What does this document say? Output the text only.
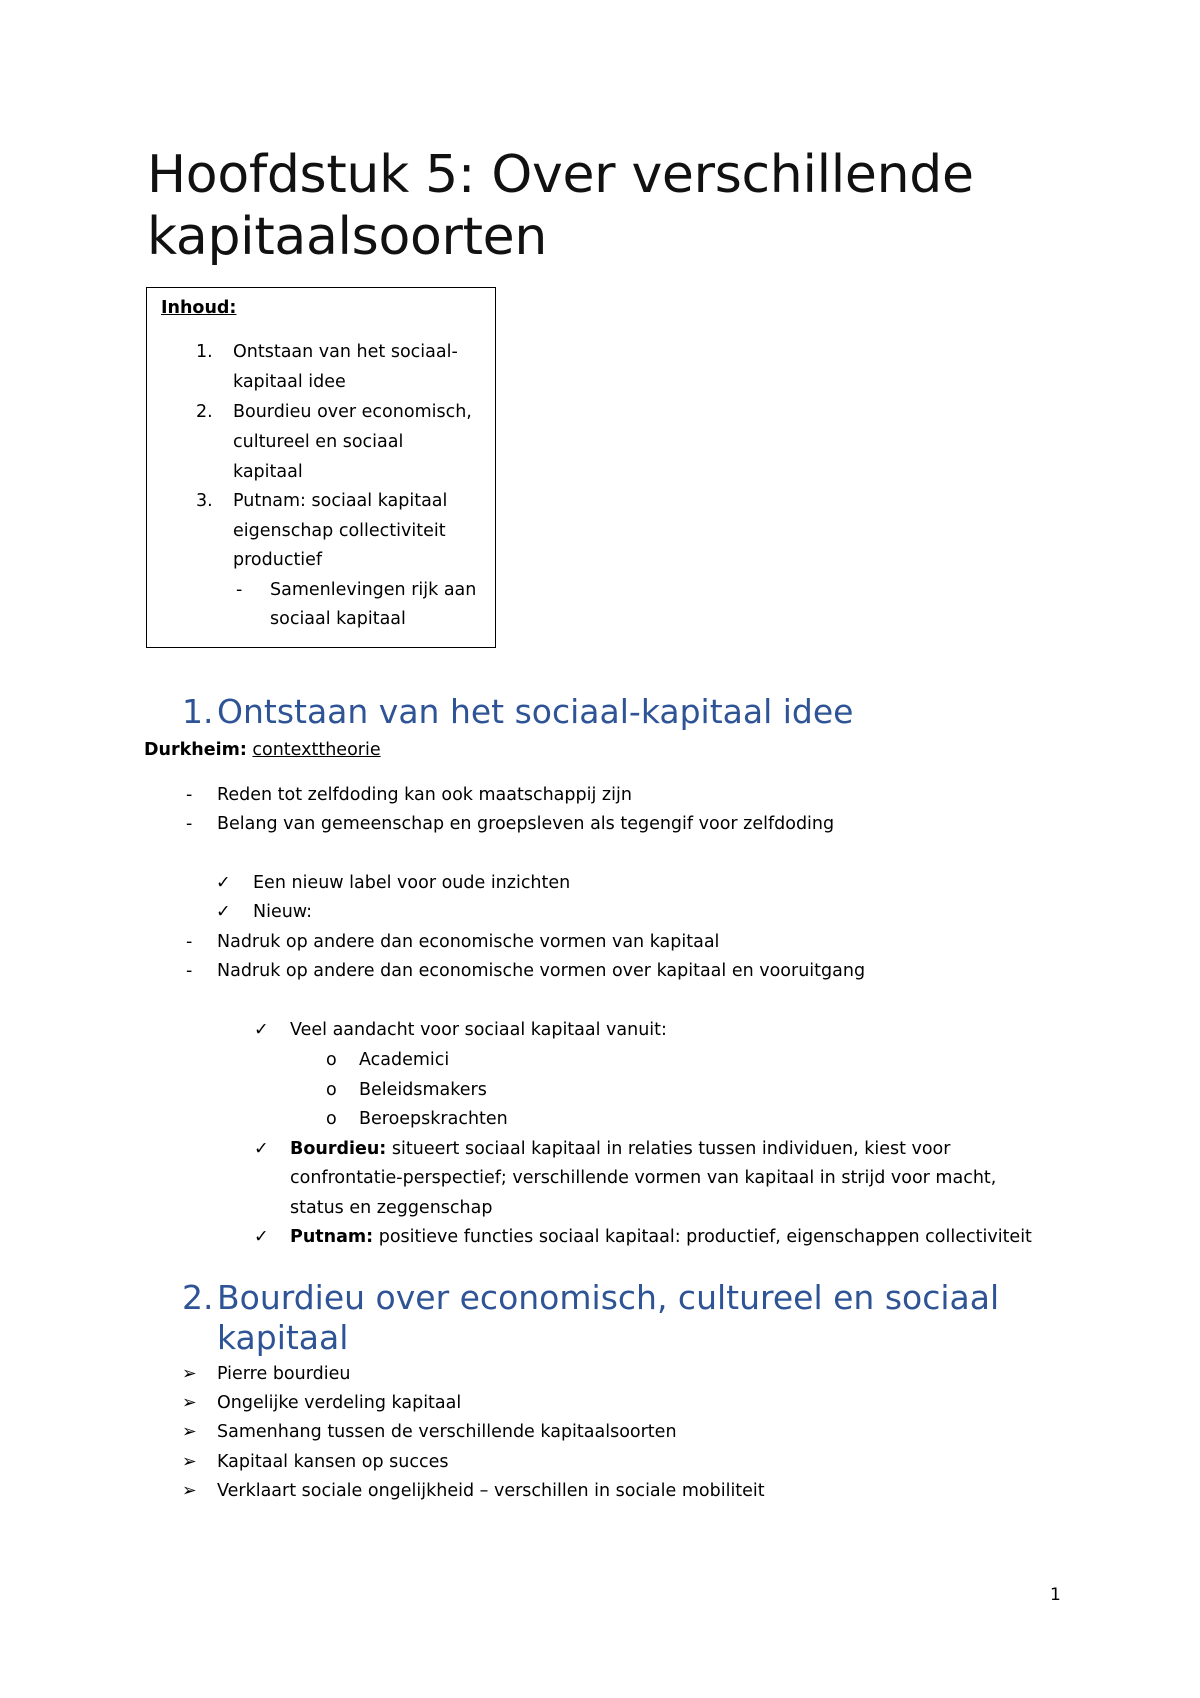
Hoofdstuk 5: Over verschillende
kapitaalsoorten
Inhoud:
1. Ontstaan van het sociaal-
kapitaal idee
2. Bourdieu over economisch,
cultureel en sociaal
kapitaal
3. Putnam: sociaal kapitaal
eigenschap collectiviteit
productief
- Samenlevingen rijk aan
sociaal kapitaal
1. Ontstaan van het sociaal-kapitaal idee
Durkheim: contexttheorie
- Reden tot zelfdoding kan ook maatschappij zijn
- Belang van gemeenschap en groepsleven als tegengif voor zelfdoding
✓ Een nieuw label voor oude inzichten
✓ Nieuw:
- Nadruk op andere dan economische vormen van kapitaal
- Nadruk op andere dan economische vormen over kapitaal en vooruitgang
✓ Veel aandacht voor sociaal kapitaal vanuit:
o Academici
o Beleidsmakers
o Beroepskrachten
✓ Bourdieu: situeert sociaal kapitaal in relaties tussen individuen, kiest voor
confrontatie-perspectief; verschillende vormen van kapitaal in strijd voor macht,
status en zeggenschap
✓ Putnam: positieve functies sociaal kapitaal: productief, eigenschappen collectiviteit
2. Bourdieu over economisch, cultureel en sociaal
kapitaal
➢ Pierre bourdieu
➢ Ongelijke verdeling kapitaal
➢ Samenhang tussen de verschillende kapitaalsoorten
➢ Kapitaal kansen op succes
➢ Verklaart sociale ongelijkheid – verschillen in sociale mobiliteit
1
